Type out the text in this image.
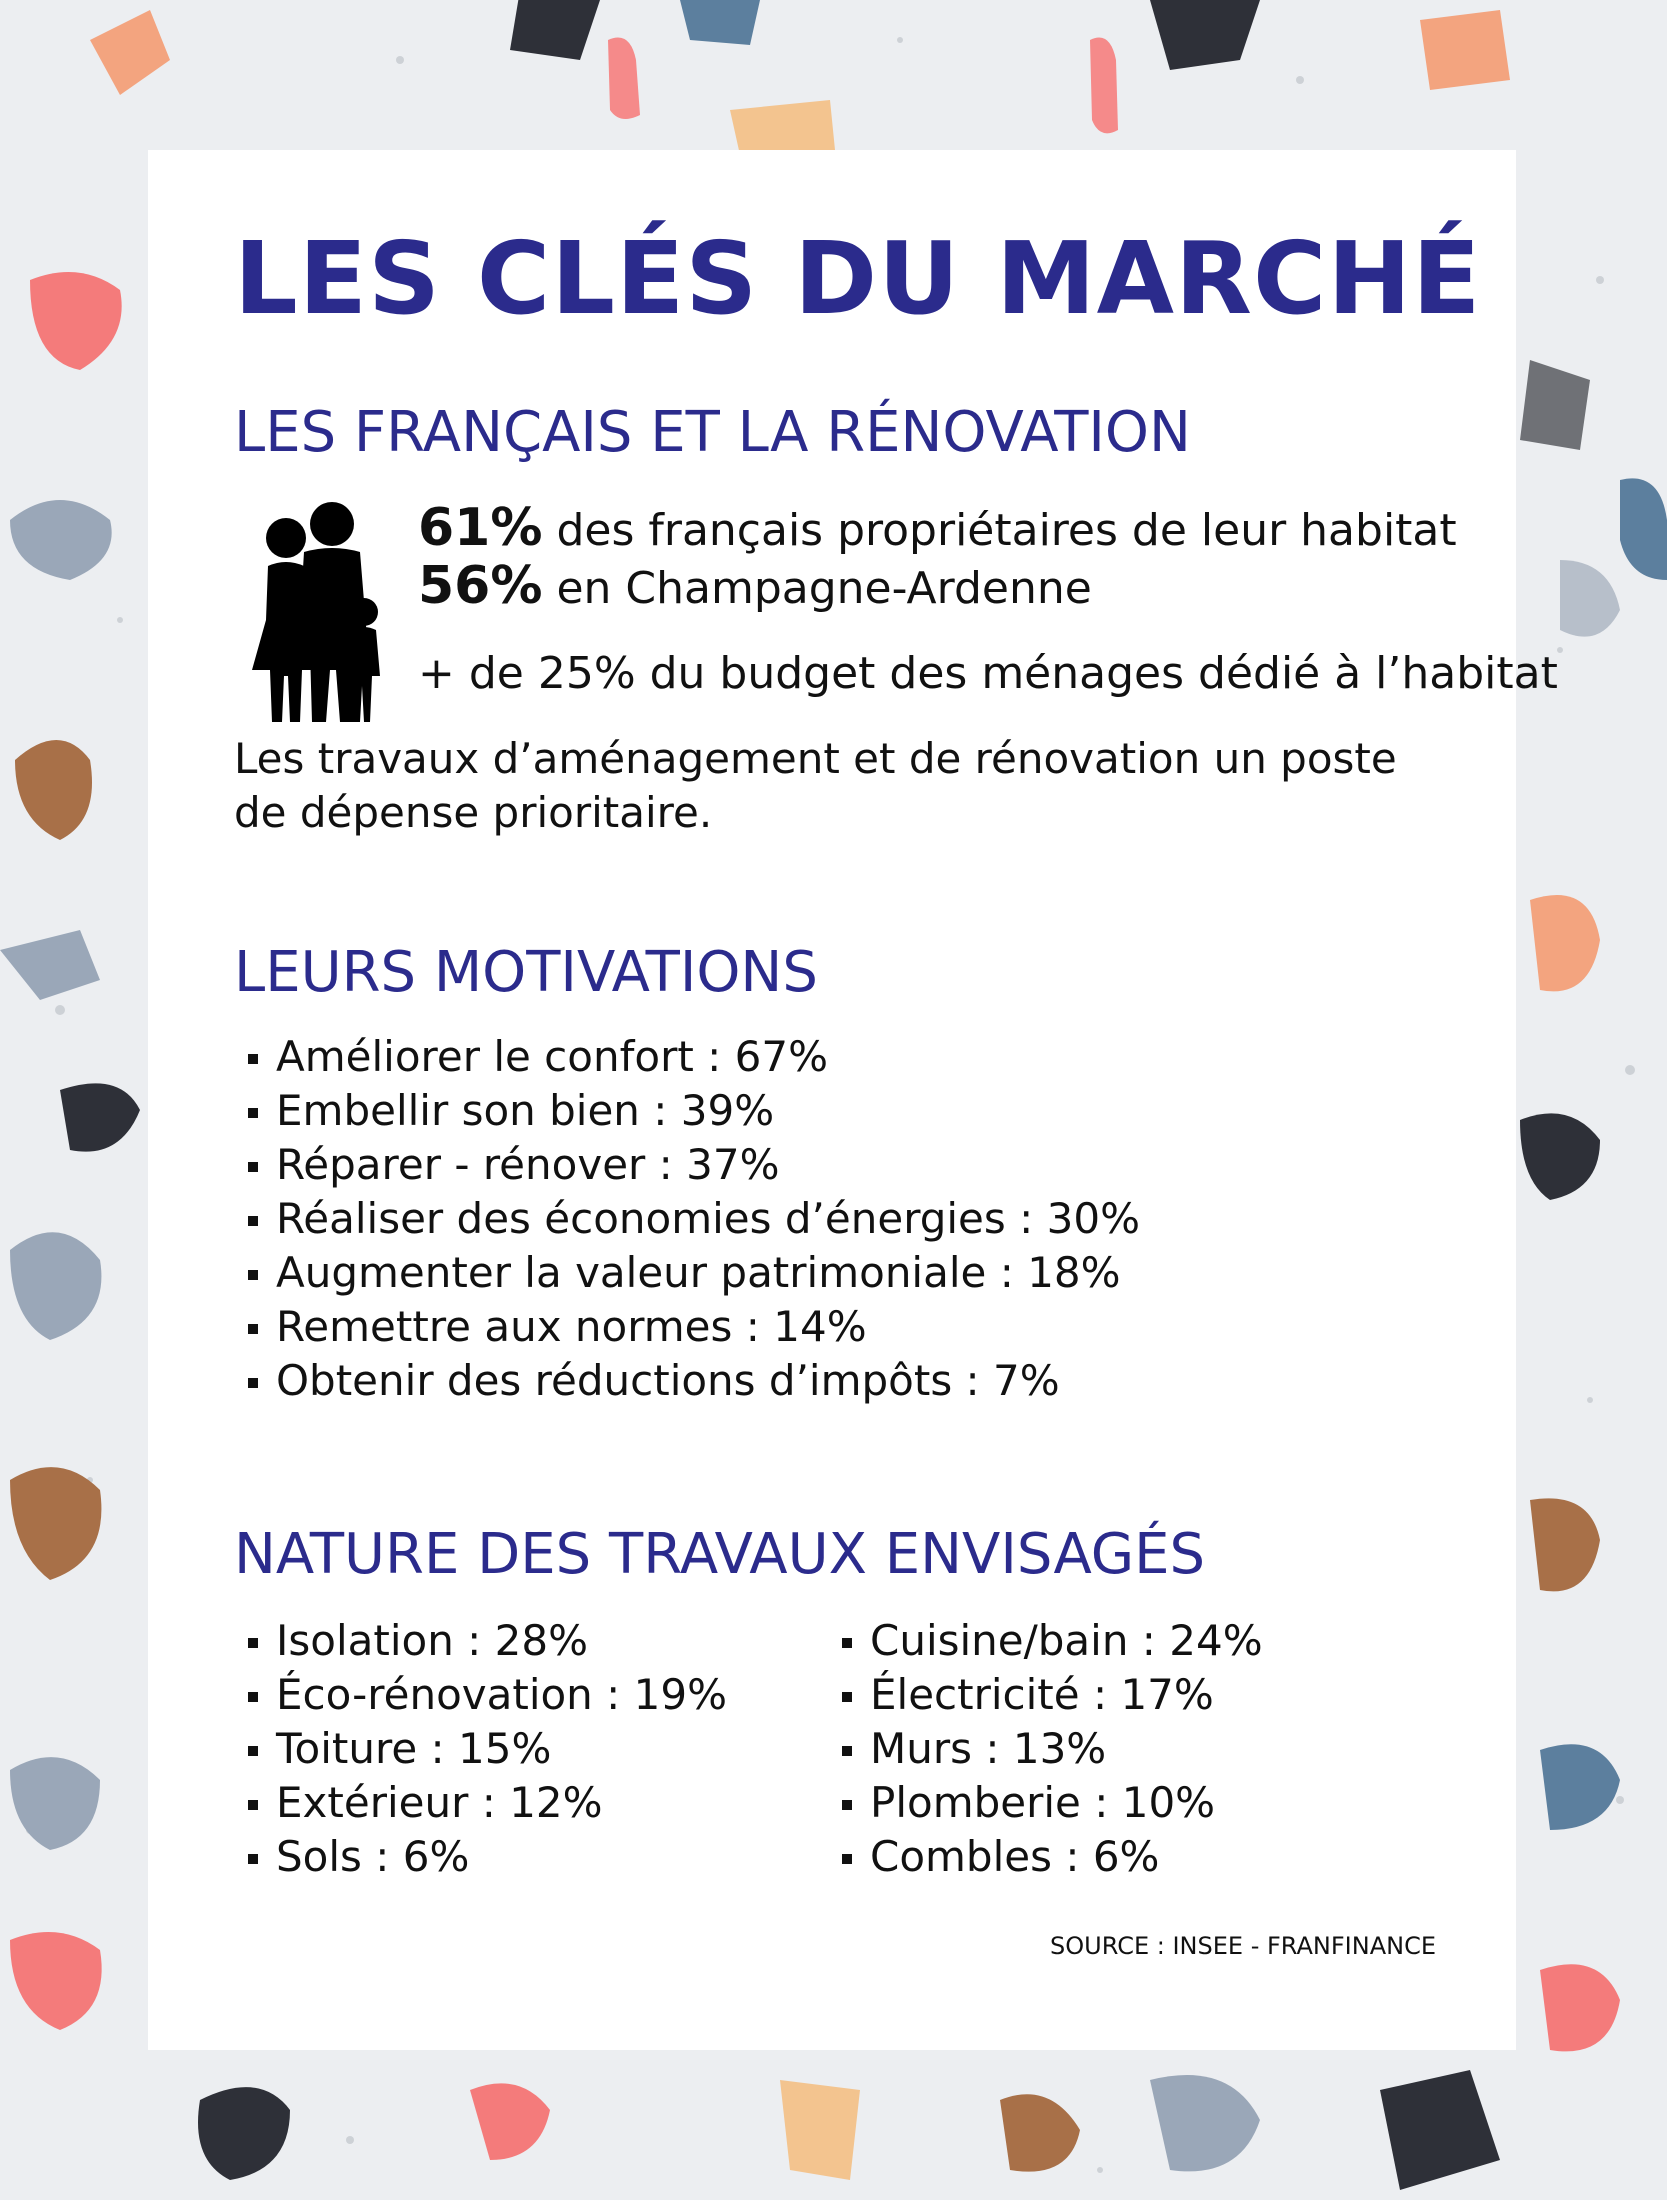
LES CLÉS DU MARCHÉ
LES FRANÇAIS ET LA RÉNOVATION
61% des français propriétaires de leur habitat
56% en Champagne-Ardenne
+ de 25% du budget des ménages dédié à l’habitat

Les travaux d’aménagement et de rénovation un poste de dépense prioritaire.

LEURS MOTIVATIONS
Améliorer le confort : 67%
Embellir son bien : 39%
Réparer - rénover : 37%
Réaliser des économies d’énergies : 30%
Augmenter la valeur patrimoniale : 18%
Remettre aux normes : 14%
Obtenir des réductions d’impôts : 7%
NATURE DES TRAVAUX ENVISAGÉS
Isolation : 28%
Éco-rénovation : 19%
Toiture : 15%
Extérieur : 12%
Sols : 6%
Cuisine/bain : 24%
Électricité : 17%
Murs : 13%
Plomberie : 10%
Combles : 6%
SOURCE : INSEE - FRANFINANCE
